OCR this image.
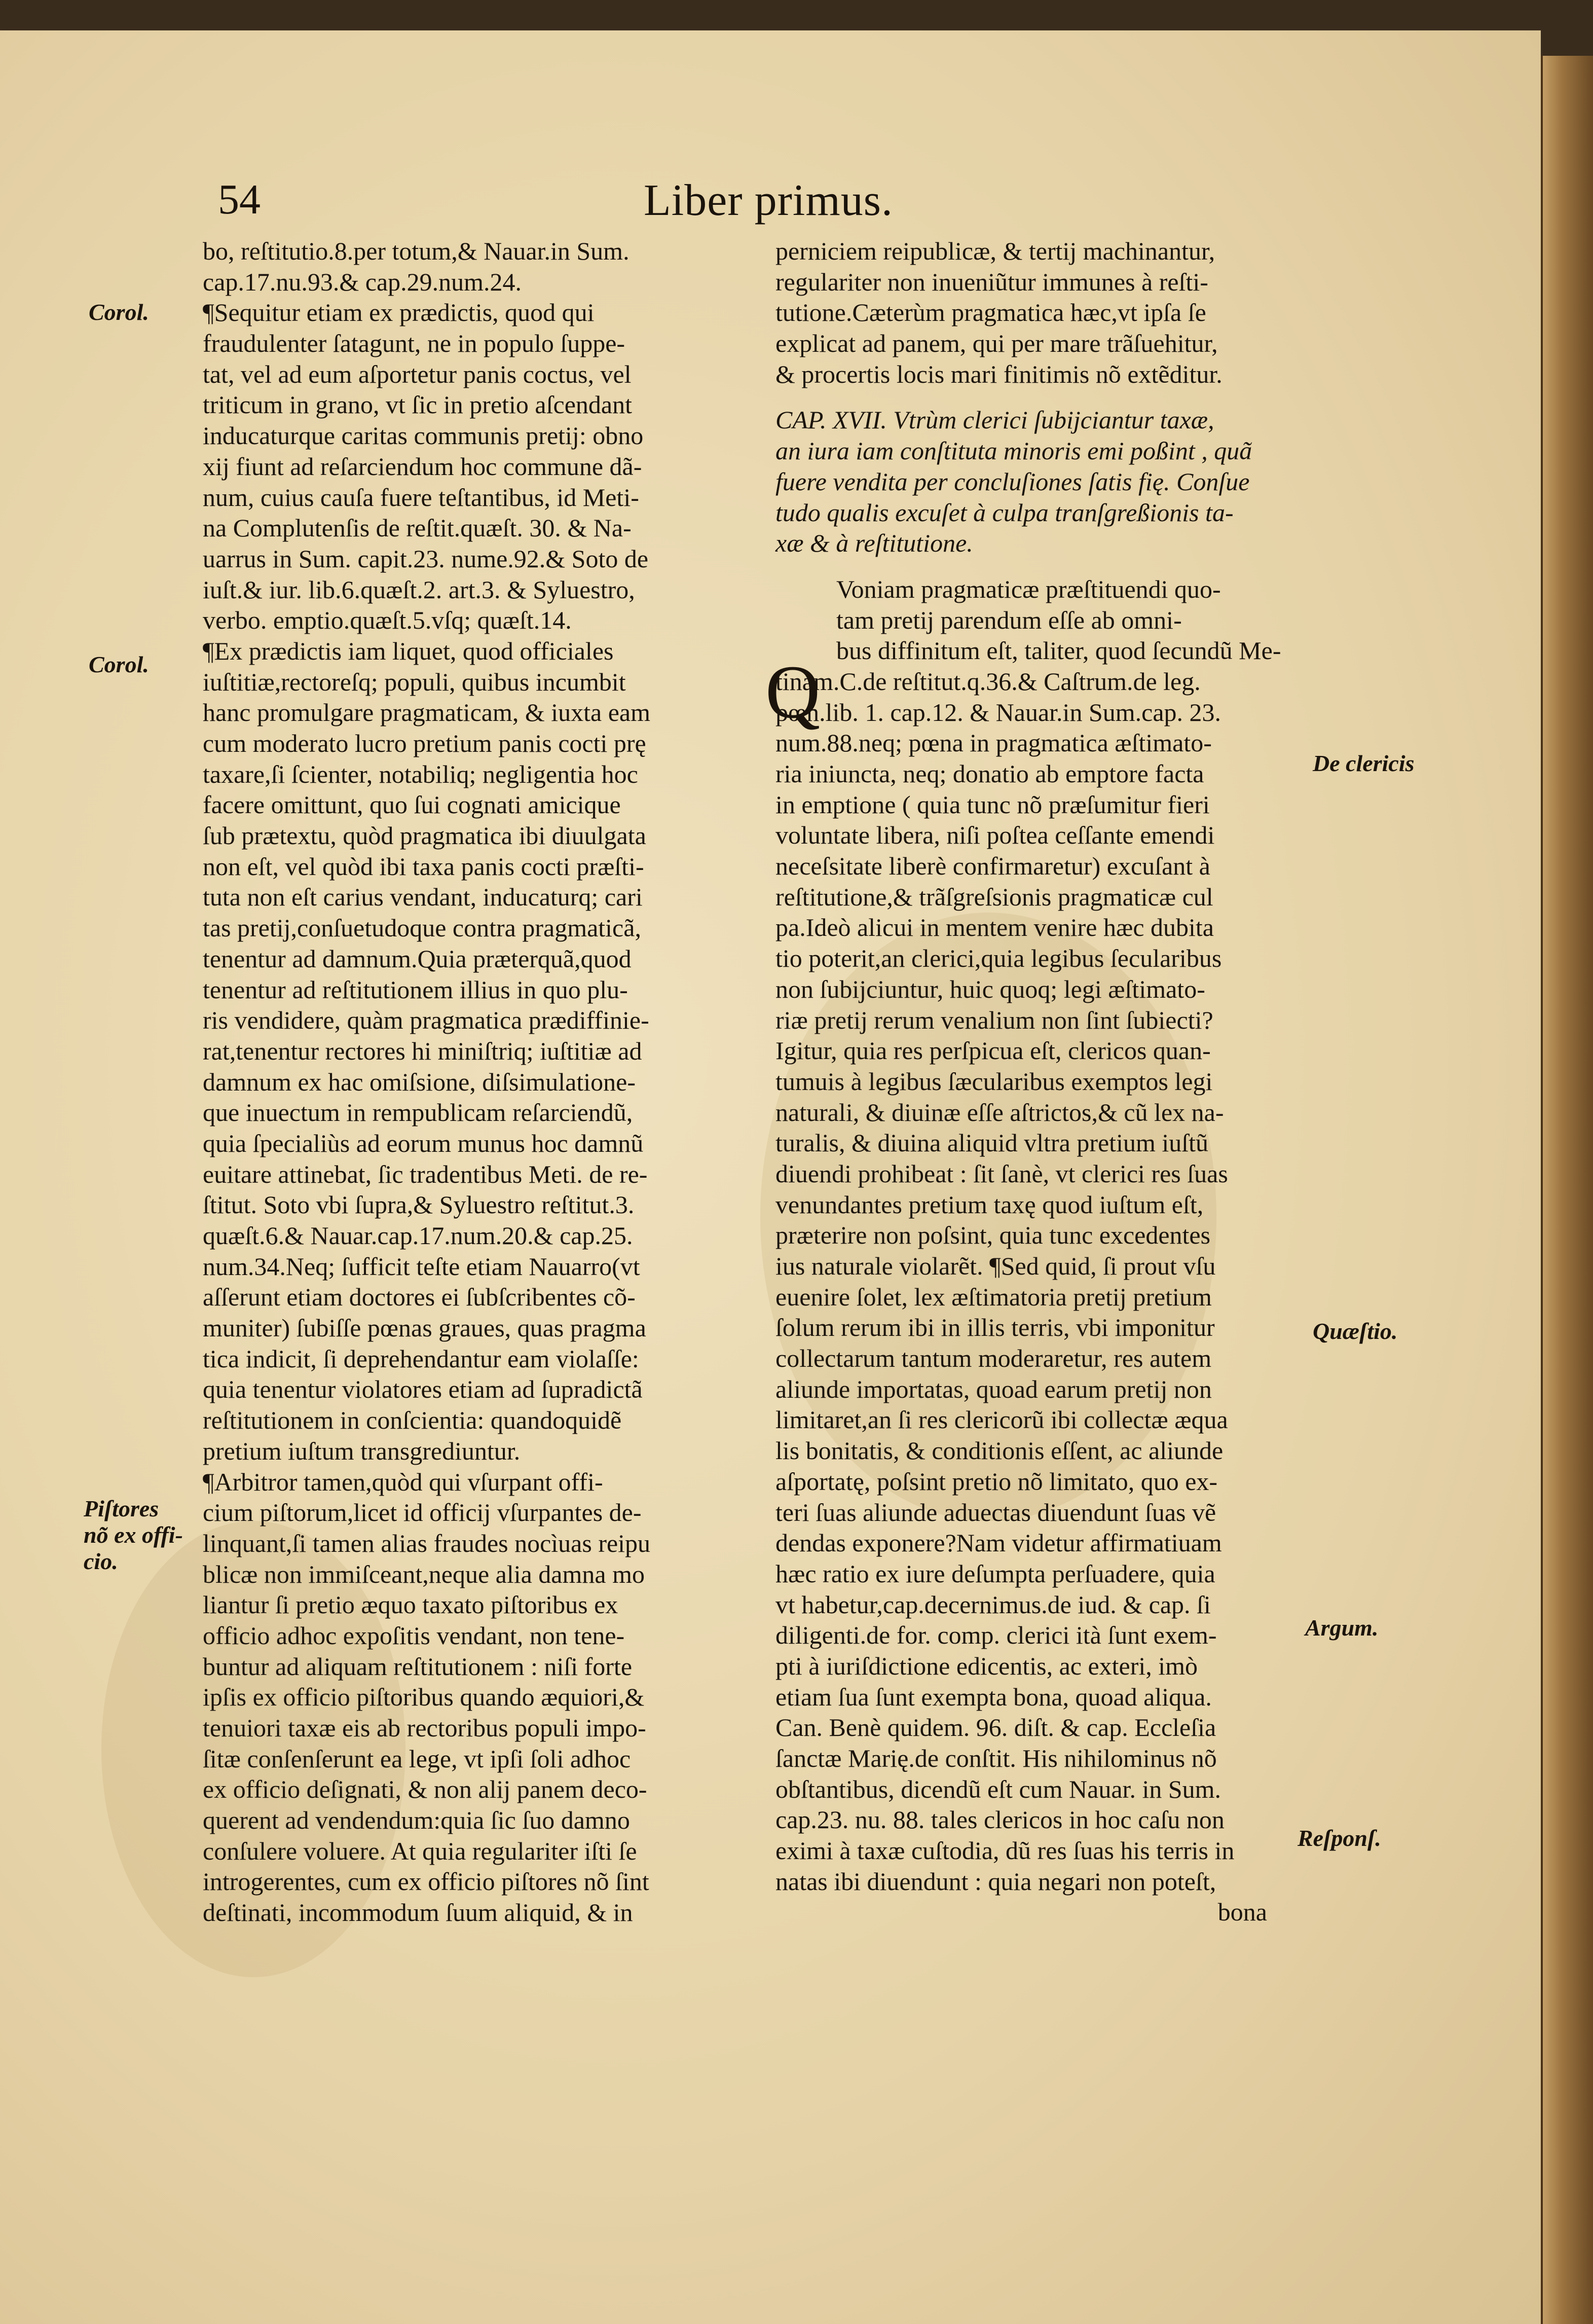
54	Liber primus.
bo, reſtitutio.8.per totum,& Nauar.in Sum.
cap.17.nu.93.& cap.29.num.24.
¶Sequitur etiam ex prædictis, quod qui
fraudulenter ſatagunt, ne in populo ſuppe-
tat, vel ad eum aſportetur panis coctus, vel
triticum in grano, vt ſic in pretio aſcendant
inducaturque caritas communis pretij: obno
xij fiunt ad reſarciendum hoc commune dã-
num, cuius cauſa fuere teſtantibus, id Meti-
na Complutenſis de reſtit.quæſt. 30. & Na-
uarrus in Sum. capit.23. nume.92.& Soto de
iuſt.& iur. lib.6.quæſt.2. art.3. & Syluestro,
verbo. emptio.quæſt.5.vſq; quæſt.14.
¶Ex prædictis iam liquet, quod officiales
iuſtitiæ,rectoreſq; populi, quibus incumbit
hanc promulgare pragmaticam, & iuxta eam
cum moderato lucro pretium panis cocti prę
taxare,ſi ſcienter, notabiliq; negligentia hoc
facere omittunt, quo ſui cognati amicique
ſub prætextu, quòd pragmatica ibi diuulgata
non eſt, vel quòd ibi taxa panis cocti præſti-
tuta non eſt carius vendant, inducaturq; cari
tas pretij,conſuetudoque contra pragmaticã,
tenentur ad damnum.Quia præterquã,quod
tenentur ad reſtitutionem illius in quo plu-
ris vendidere, quàm pragmatica prædiffinie-
rat,tenentur rectores hi miniſtriq; iuſtitiæ ad
damnum ex hac omiſsione, diſsimulatione-
que inuectum in rempublicam reſarciendũ,
quia ſpecialiùs ad eorum munus hoc damnũ
euitare attinebat, ſic tradentibus Meti. de re-
ſtitut. Soto vbi ſupra,& Syluestro reſtitut.3.
quæſt.6.& Nauar.cap.17.num.20.& cap.25.
num.34.Neq; ſufficit teſte etiam Nauarro(vt
aſſerunt etiam doctores ei ſubſcribentes cõ-
muniter) ſubiſſe pœnas graues, quas pragma
tica indicit, ſi deprehendantur eam violaſſe:
quia tenentur violatores etiam ad ſupradictã
reſtitutionem in conſcientia: quandoquidẽ
pretium iuſtum transgrediuntur.
¶Arbitror tamen,quòd qui vſurpant offi-
cium piſtorum,licet id officij vſurpantes de-
linquant,ſi tamen alias fraudes nocìuas reipu
blicæ non immiſceant,neque alia damna mo
liantur ſi pretio æquo taxato piſtoribus ex
officio adhoc expoſitis vendant, non tene-
buntur ad aliquam reſtitutionem : niſi forte
ipſis ex officio piſtoribus quando æquiori,&
tenuiori taxæ eis ab rectoribus populi impo-
ſitæ conſenſerunt ea lege, vt ipſi ſoli adhoc
ex officio deſignati, & non alij panem deco-
querent ad vendendum:quia ſic ſuo damno
conſulere voluere. At quia regulariter iſti ſe
introgerentes, cum ex officio piſtores nõ ſint
deſtinati, incommodum ſuum aliquid, & in
perniciem reipublicæ, & tertij machinantur,
regulariter non inueniũtur immunes à reſti-
tutione.Cæterùm pragmatica hæc,vt ipſa ſe
explicat ad panem, qui per mare trãſuehitur,
& procertis locis mari finitimis nõ extẽditur.
CAP. XVII. Vtrùm clerici ſubijciantur taxæ,
an iura iam conſtituta minoris emi poßint , quã
fuere vendita per concluſiones ſatis fię. Conſue
tudo qualis excuſet à culpa tranſgreßionis ta-
xæ & à reſtitutione.
Voniam pragmaticæ præſtituendi quo-
tam pretij parendum eſſe ab omni-
bus diffinitum eſt, taliter, quod ſecundũ Me-
tinam.C.de reſtitut.q.36.& Caſtrum.de leg.
pœn.lib. 1. cap.12. & Nauar.in Sum.cap. 23.
num.88.neq; pœna in pragmatica æſtimato-
ria iniuncta, neq; donatio ab emptore facta
in emptione ( quia tunc nõ præſumitur fieri
voluntate libera, niſi poſtea ceſſante emendi
neceſsitate liberè confirmaretur) excuſant à
reſtitutione,& trãſgreſsionis pragmaticæ cul
pa.Ideò alicui in mentem venire hæc dubita
tio poterit,an clerici,quia legibus ſecularibus
non ſubijciuntur, huic quoq; legi æſtimato-
riæ pretij rerum venalium non ſint ſubiecti?
Igitur, quia res perſpicua eſt, clericos quan-
tumuis à legibus ſæcularibus exemptos legi
naturali, & diuinæ eſſe aſtrictos,& cũ lex na-
turalis, & diuina aliquid vltra pretium iuſtũ
diuendi prohibeat : ſit ſanè, vt clerici res ſuas
venundantes pretium taxę quod iuſtum eſt,
præterire non poſsint, quia tunc excedentes
ius naturale violarẽt. ¶Sed quid, ſi prout vſu
euenire ſolet, lex æſtimatoria pretij pretium
ſolum rerum ibi in illis terris, vbi imponitur
collectarum tantum moderaretur, res autem
aliunde importatas, quoad earum pretij non
limitaret,an ſi res clericorũ ibi collectæ æqua
lis bonitatis, & conditionis eſſent, ac aliunde
aſportatę, poſsint pretio nõ limitato, quo ex-
teri ſuas aliunde aduectas diuendunt ſuas vẽ
dendas exponere?Nam videtur affirmatiuam
hæc ratio ex iure deſumpta perſuadere, quia
vt habetur,cap.decernimus.de iud. & cap. ſi
diligenti.de for. comp. clerici ità ſunt exem-
pti à iuriſdictione edicentis, ac exteri, imò
etiam ſua ſunt exempta bona, quoad aliqua.
Can. Benè quidem. 96. diſt. & cap. Eccleſia
ſanctæ Marię.de conſtit. His nihilominus nõ
obſtantibus, dicendũ eſt cum Nauar. in Sum.
cap.23. nu. 88. tales clericos in hoc caſu non
eximi à taxæ cuſtodia, dũ res ſuas his terris in
natas ibi diuendunt : quia negari non poteſt,
bona
Corol.
Corol.
Piſtores
nõ ex offi-
cio.
De clericis
Quæſtio.
Argum.
Reſponſ.
Q
